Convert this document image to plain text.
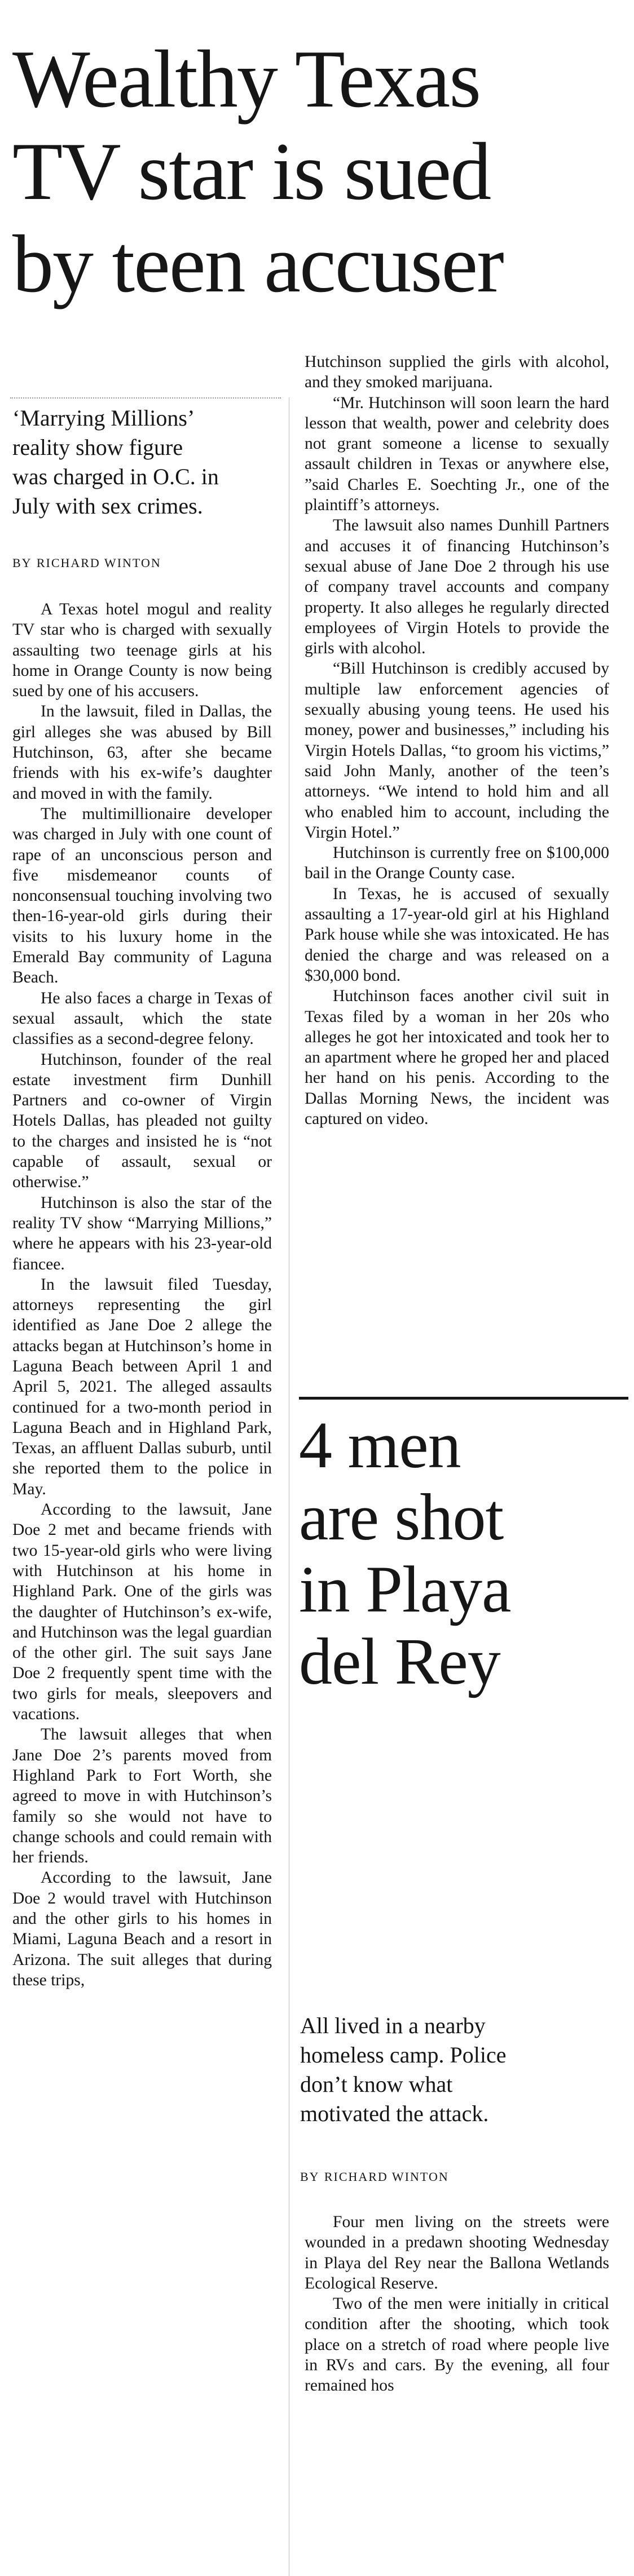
Wealthy Texas
TV star is sued
by teen accuser
‘Marrying Millions’
reality show figure
was charged in O.C. in
July with sex crimes.
BY RICHARD WINTON

A Texas hotel mogul and reality TV star who is charged with sexually assaulting two teenage girls at his home in Orange County is now being sued by one of his accusers.

In the lawsuit, filed in Dallas, the girl alleges she was abused by Bill Hutchinson, 63, after she became friends with his ex-wife’s daughter and moved in with the family.

The multimillionaire developer was charged in July with one count of rape of an unconscious person and five misdemeanor counts of nonconsensual touching involving two then-16-year-old girls during their visits to his luxury home in the Emerald Bay community of Laguna Beach.

He also faces a charge in Texas of sexual assault, which the state classifies as a second-degree felony.

Hutchinson, founder of the real estate investment firm Dunhill Partners and co-owner of Virgin Hotels Dallas, has pleaded not guilty to the charges and insisted he is “not capable of assault, sexual or otherwise.”

Hutchinson is also the star of the reality TV show “Marrying Millions,” where he appears with his 23-year-old fiancee.

In the lawsuit filed Tuesday, attorneys representing the girl identified as Jane Doe 2 allege the attacks began at Hutchinson’s home in Laguna Beach between April 1 and April 5, 2021. The alleged assaults continued for a two-month period in Laguna Beach and in Highland Park, Texas, an affluent Dallas suburb, until she reported them to the police in May.

According to the lawsuit, Jane Doe 2 met and became friends with two 15-year-old girls who were living with Hutchinson at his home in Highland Park. One of the girls was the daughter of Hutchinson’s ex-wife, and Hutchinson was the legal guardian of the other girl. The suit says Jane Doe 2 frequently spent time with the two girls for meals, sleepovers and vacations.

The lawsuit alleges that when Jane Doe 2’s parents moved from Highland Park to Fort Worth, she agreed to move in with Hutchinson’s family so she would not have to change schools and could remain with her friends.

According to the lawsuit, Jane Doe 2 would travel with Hutchinson and the other girls to his homes in Miami, Laguna Beach and a resort in Arizona. The suit alleges that during these trips,

Hutchinson supplied the girls with alcohol, and they smoked marijuana.

“Mr. Hutchinson will soon learn the hard lesson that wealth, power and celebrity does not grant someone a license to sexually assault children in Texas or anywhere else, ”said Charles E. Soechting Jr., one of the plaintiff’s attorneys.

The lawsuit also names Dunhill Partners and accuses it of financing Hutchinson’s sexual abuse of Jane Doe 2 through his use of company travel accounts and company property. It also alleges he regularly directed employees of Virgin Hotels to provide the girls with alcohol.

“Bill Hutchinson is credibly accused by multiple law enforcement agencies of sexually abusing young teens. He used his money, power and businesses,” including his Virgin Hotels Dallas, “to groom his victims,” said John Manly, another of the teen’s attorneys. “We intend to hold him and all who enabled him to account, including the Virgin Hotel.”

Hutchinson is currently free on $100,000 bail in the Orange County case.

In Texas, he is accused of sexually assaulting a 17-year-old girl at his Highland Park house while she was intoxicated. He has denied the charge and was released on a $30,000 bond.

Hutchinson faces another civil suit in Texas filed by a woman in her 20s who alleges he got her intoxicated and took her to an apartment where he groped her and placed her hand on his penis. According to the Dallas Morning News, the incident was captured on video.

4 men
are shot
in Playa
del Rey
All lived in a nearby
homeless camp. Police
don’t know what
motivated the attack.
BY RICHARD WINTON

Four men living on the streets were wounded in a predawn shooting Wednesday in Playa del Rey near the Ballona Wetlands Ecological Reserve.

Two of the men were initially in critical condition after the shooting, which took place on a stretch of road where people live in RVs and cars. By the evening, all four remained hos
